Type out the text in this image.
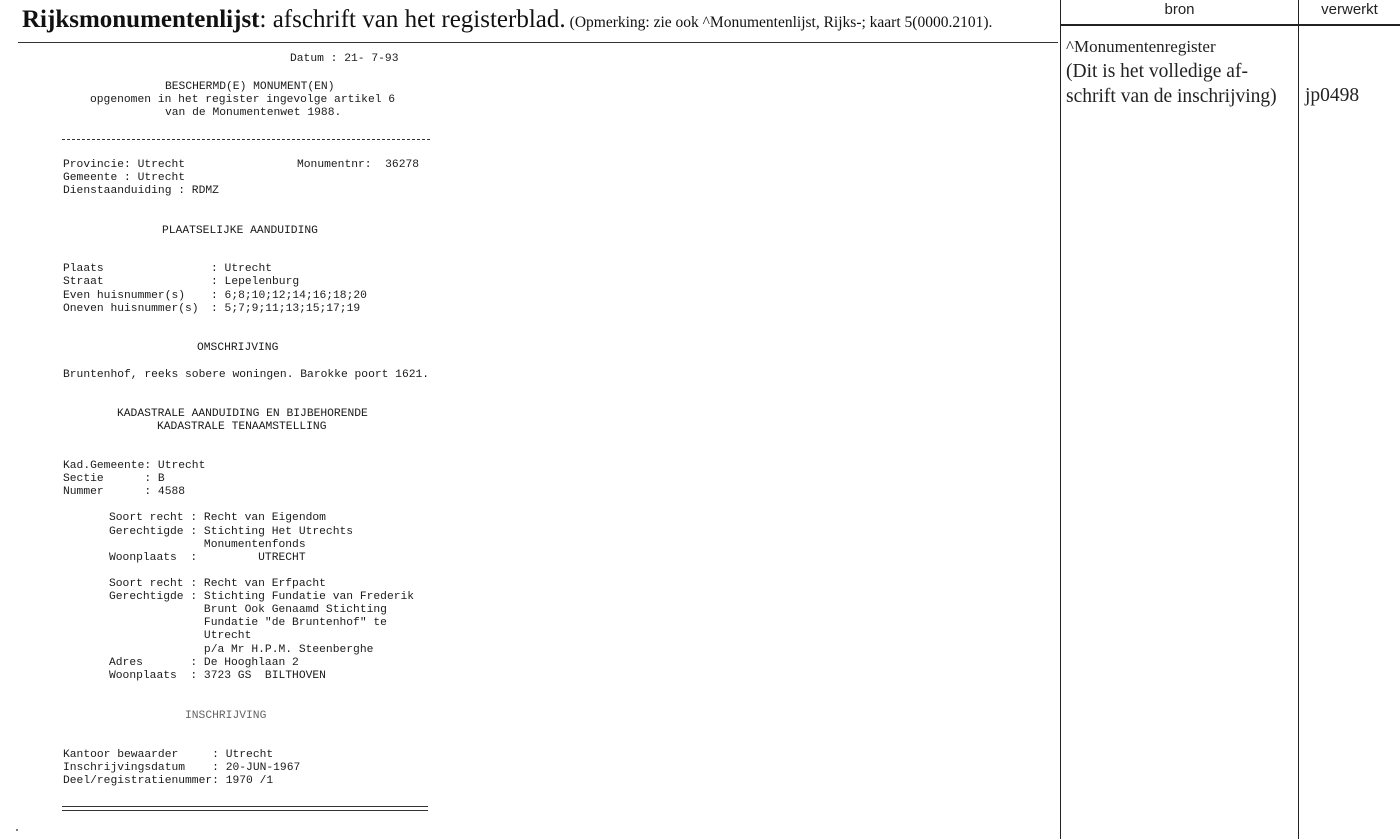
Rijksmonumentenlijst: afschrift van het registerblad. (Opmerking: zie ook ^Monumentenlijst, Rijks-; kaart 5(0000.2101).
bron	verwerkt
^Monumentenregister
(Dit is het volledige af-
schrift van de inschrijving)	jp0498
Datum : 21- 7-93
BESCHERMD(E) MONUMENT(EN)
opgenomen in het register ingevolge artikel 6
van de Monumentenwet 1988.
Provincie: Utrecht	Monumentnr:  36278
Gemeente : Utrecht
Dienstaanduiding : RDMZ
PLAATSELIJKE AANDUIDING
Plaats	: Utrecht
Straat	: Lepelenburg
Even huisnummer(s) : 6;8;10;12;14;16;18;20
Oneven huisnummer(s) : 5;7;9;11;13;15;17;19
OMSCHRIJVING
Bruntenhof, reeks sobere woningen. Barokke poort 1621.
KADASTRALE AANDUIDING EN BIJBEHORENDE
KADASTRALE TENAAMSTELLING
Kad.Gemeente: Utrecht
Sectie      : B
Nummer      : 4588
Soort recht : Recht van Eigendom
Gerechtigde : Stichting Het Utrechts
Monumentenfonds
Woonplaats  :         UTRECHT
Soort recht : Recht van Erfpacht
Gerechtigde : Stichting Fundatie van Frederik
Brunt Ook Genaamd Stichting
Fundatie "de Bruntenhof" te
Utrecht
p/a Mr H.P.M. Steenberghe
Adres       : De Hooghlaan 2
Woonplaats  : 3723 GS  BILTHOVEN
INSCHRIJVING
Kantoor bewaarder     : Utrecht
Inschrijvingsdatum    : 20-JUN-1967
Deel/registratienummer: 1970 /1
